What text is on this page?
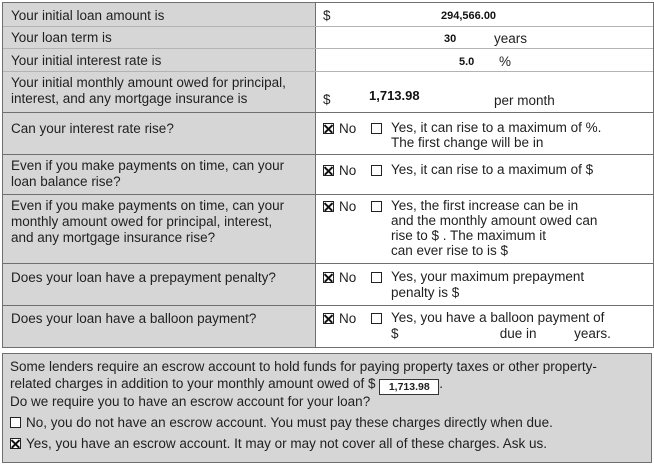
Your initial loan amount is	$	294,566.00
Your loan term is	30	years
Your initial interest rate is	5.0 %
Your initial monthly amount owed for principal,
interest, and any mortgage insurance is	$	1,713.98	per month
Can your interest rate rise?	No	Yes, it can rise to a maximum of %.
The first change will be in
Even if you make payments on time, can your
loan balance rise?
No	Yes, it can rise to a maximum of $
Even if you make payments on time, can your
monthly amount owed for principal, interest,
and any mortgage insurance rise?
No	Yes, the first increase can be in
and the monthly amount owed can
rise to $ . The maximum it
can ever rise to is $
Does your loan have a prepayment penalty?	No	Yes, your maximum prepayment
penalty is $
Does your loan have a balloon payment?	No	Yes, you have a balloon payment of
$                           due in          years.
Some lenders require an escrow account to hold funds for paying property taxes or other property-
related charges in addition to your monthly amount owed of $ 1,713.98 .
Do we require you to have an escrow account for your loan?
No, you do not have an escrow account. You must pay these charges directly when due.
Yes, you have an escrow account. It may or may not cover all of these charges. Ask us.
